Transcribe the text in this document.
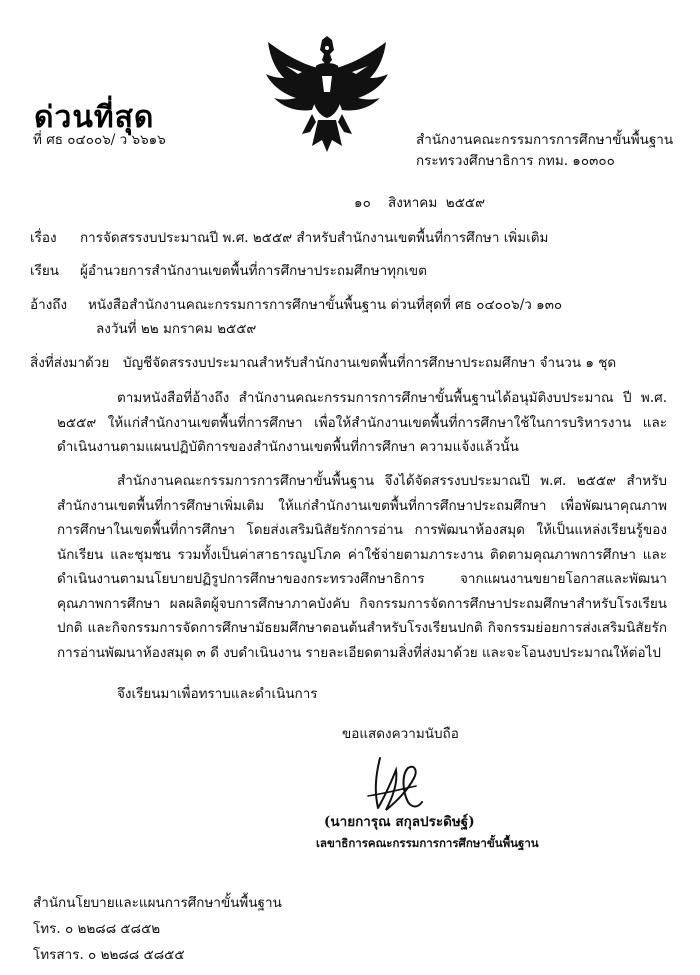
ด่วนที่สุด
ที่ ศธ ๐๔๐๐๖/ ว ๖๖๑๖	สำนักงานคณะกรรมการการศึกษาขั้นพื้นฐาน
กระทรวงศึกษาธิการ กทม. ๑๐๓๐๐
๑๐    สิงหาคม  ๒๕๕๙
เรื่อง การจัดสรรงบประมาณปี พ.ศ. ๒๕๕๙ สำหรับสำนักงานเขตพื้นที่การศึกษา เพิ่มเติม
เรียน ผู้อำนวยการสำนักงานเขตพื้นที่การศึกษาประถมศึกษาทุกเขต
อ้างถึง หนังสือสำนักงานคณะกรรมการการศึกษาขั้นพื้นฐาน ด่วนที่สุดที่ ศธ ๐๔๐๐๖/ว ๑๓๐
ลงวันที่ ๒๒ มกราคม ๒๕๕๙
สิ่งที่ส่งมาด้วย บัญชีจัดสรรงบประมาณสำหรับสำนักงานเขตพื้นที่การศึกษาประถมศึกษา จำนวน ๑ ชุด
ตามหนังสือที่อ้างถึง สำนักงานคณะกรรมการการศึกษาขั้นพื้นฐานได้อนุมัติงบประมาณ ปี พ.ศ. ๒๕๕๙ ให้แก่สำนักงานเขตพื้นที่การศึกษา เพื่อให้สำนักงานเขตพื้นที่การศึกษาใช้ในการบริหารงาน และดำเนินงานตามแผนปฏิบัติการของสำนักงานเขตพื้นที่การศึกษา ความแจ้งแล้วนั้น
สำนักงานคณะกรรมการการศึกษาขั้นพื้นฐาน จึงได้จัดสรรงบประมาณปี พ.ศ. ๒๕๕๙ สำหรับสำนักงานเขตพื้นที่การศึกษาเพิ่มเติม ให้แก่สำนักงานเขตพื้นที่การศึกษาประถมศึกษา เพื่อพัฒนาคุณภาพการศึกษาในเขตพื้นที่การศึกษา โดยส่งเสริมนิสัยรักการอ่าน การพัฒนาห้องสมุด ให้เป็นแหล่งเรียนรู้ของนักเรียน และชุมชน รวมทั้งเป็นค่าสาธารณูปโภค ค่าใช้จ่ายตามภาระงาน ติดตามคุณภาพการศึกษา และดำเนินงานตามนโยบายปฏิรูปการศึกษาของกระทรวงศึกษาธิการ จากแผนงานขยายโอกาสและพัฒนาคุณภาพการศึกษา ผลผลิตผู้จบการศึกษาภาคบังคับ กิจกรรมการจัดการศึกษาประถมศึกษาสำหรับโรงเรียนปกติ และกิจกรรมการจัดการศึกษามัธยมศึกษาตอนต้นสำหรับโรงเรียนปกติ กิจกรรมย่อยการส่งเสริมนิสัยรักการอ่านพัฒนาห้องสมุด ๓ ดี งบดำเนินงาน รายละเอียดตามสิ่งที่ส่งมาด้วย และจะโอนงบประมาณให้ต่อไป
จึงเรียนมาเพื่อทราบและดำเนินการ
ขอแสดงความนับถือ
(นายการุณ สกุลประดิษฐ์)
เลขาธิการคณะกรรมการการศึกษาขั้นพื้นฐาน
สำนักนโยบายและแผนการศึกษาขั้นพื้นฐาน
โทร. ๐ ๒๒๘๘ ๕๘๕๒
โทรสาร. ๐ ๒๒๘๘ ๕๘๕๕
